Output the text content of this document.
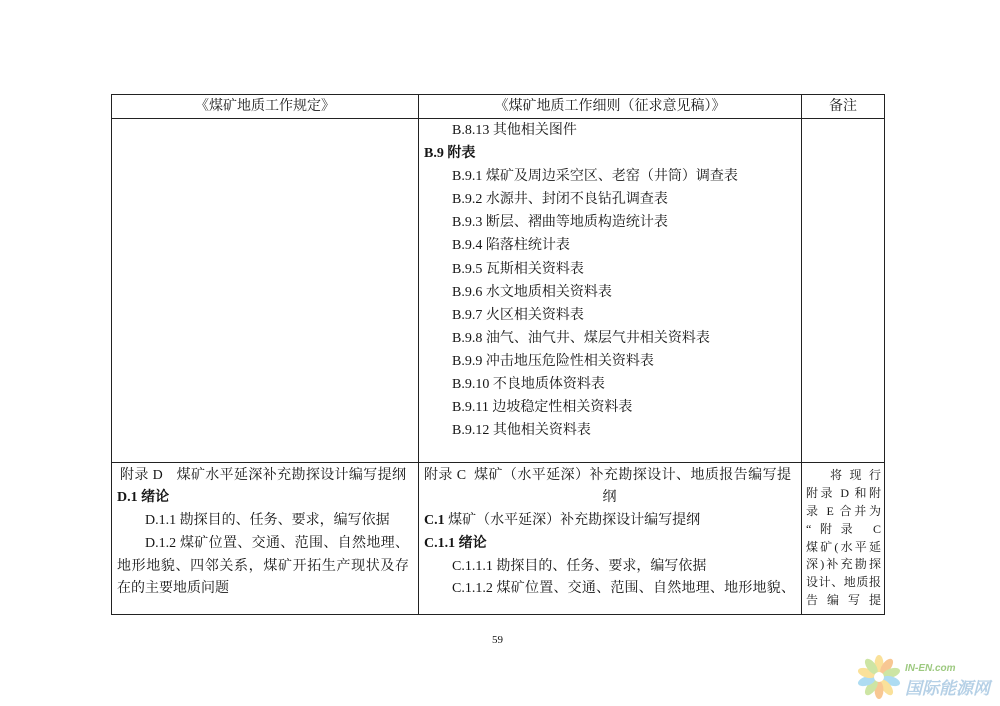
《煤矿地质工作规定》	《煤矿地质工作细则（征求意见稿）》	备注
B.8.13 其他相关图件
B.9 附表
B.9.1 煤矿及周边采空区、老窑（井筒）调查表
B.9.2 水源井、封闭不良钻孔调查表
B.9.3 断层、褶曲等地质构造统计表
B.9.4 陷落柱统计表
B.9.5 瓦斯相关资料表
B.9.6 水文地质相关资料表
B.9.7 火区相关资料表
B.9.8 油气、油气井、煤层气井相关资料表
B.9.9 冲击地压危险性相关资料表
B.9.10 不良地质体资料表
B.9.11 边坡稳定性相关资料表
B.9.12 其他相关资料表
附录 D 煤矿水平延深补充勘探设计编写提纲
D.1 绪论
D.1.1 勘探目的、任务、要求，编写依据
D.1.2 煤矿位置、交通、范围、自然地理、
地形地貌、四邻关系，煤矿开拓生产现状及存
在的主要地质问题
附录 C 煤矿（水平延深）补充勘探设计、地质报告编写提
纲
C.1 煤矿（水平延深）补充勘探设计编写提纲
C.1.1 绪论
C.1.1.1 勘探目的、任务、要求，编写依据
C.1.1.2 煤矿位置、交通、范围、自然地理、地形地貌、
将现行
附录 D 和附
录 E 合并为
“附录 C
煤矿(水平延
深)补充勘探
设计、地质报
告编写提
59
IN-EN.com
国际能源网
